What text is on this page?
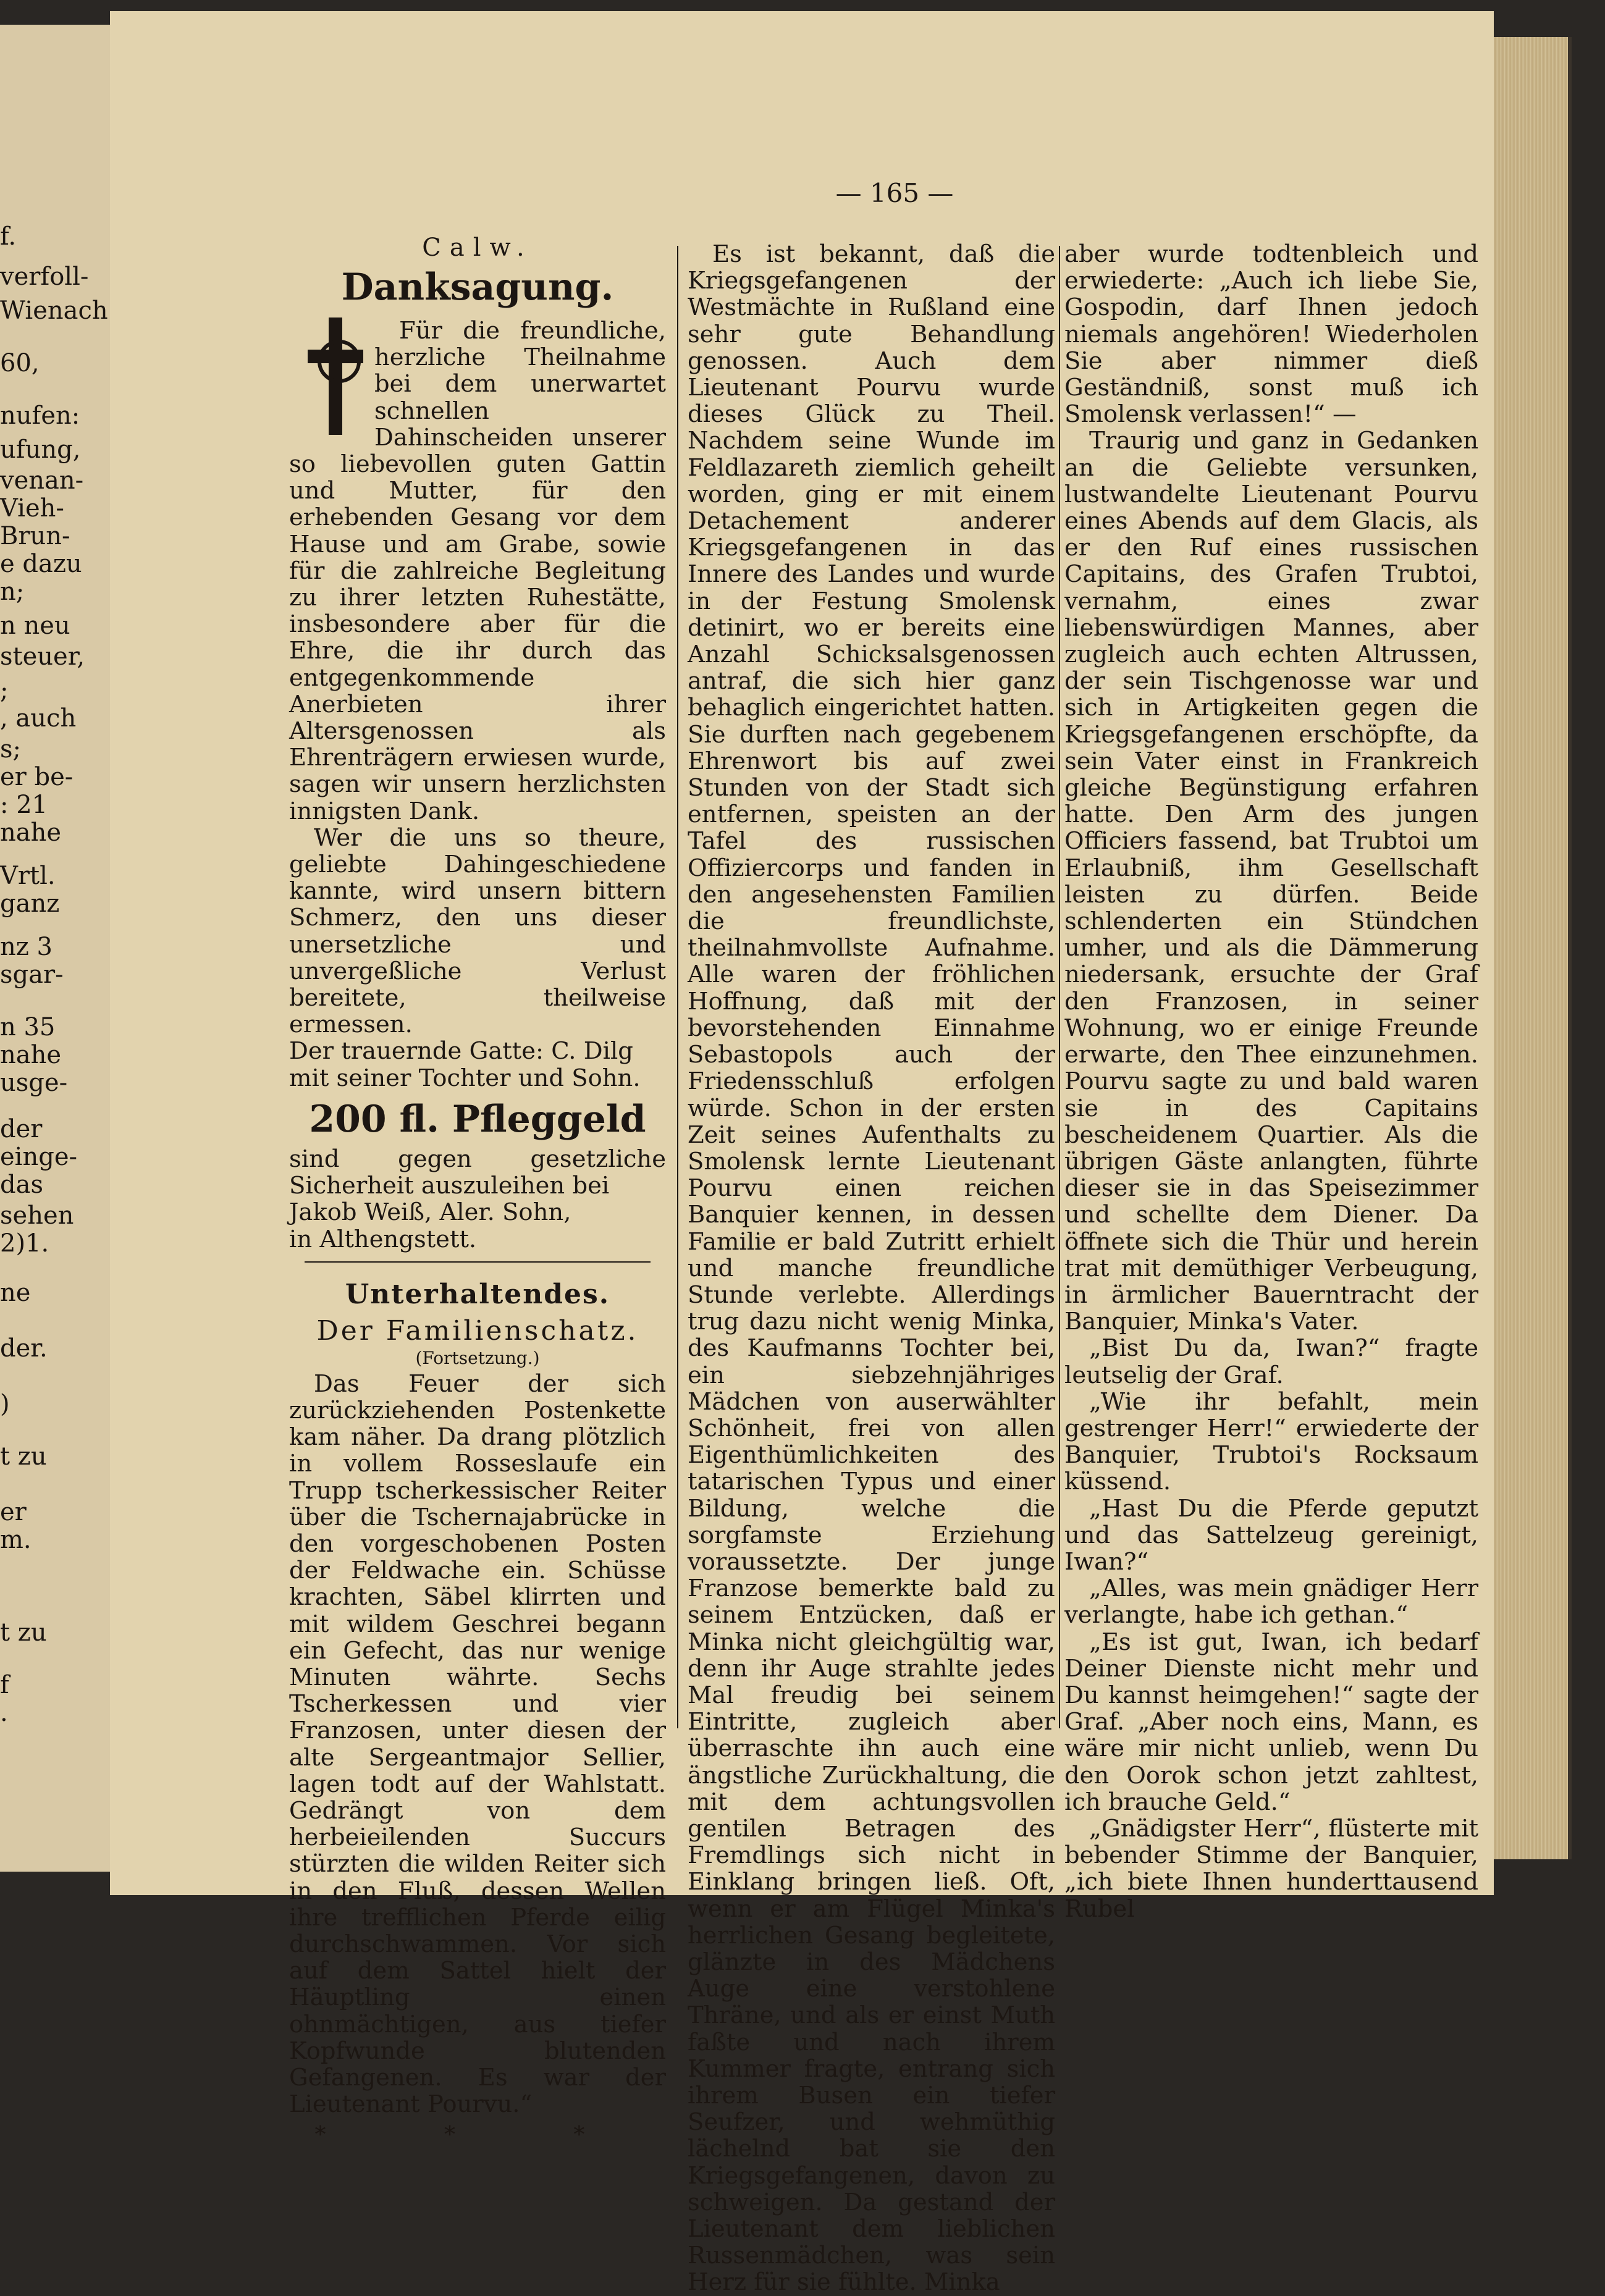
f.
verfoll-
Wienach
60,
nufen:
ufung,
venan-
Vieh-
Brun-
e dazu
n;
n neu
steuer,
;
, auch
s;
er be-
: 21
nahe
Vrtl.
ganz
nz 3
sgar-
n 35
nahe
usge-
der
einge-
das
sehen
2)1.
ne
der.
)
t zu
er
m.
t zu
f
.
— 165 —
Calw.
Danksagung.

Für die freundliche, herzliche Theilnahme bei dem unerwartet schnellen Dahinscheiden unserer so liebevollen guten Gattin und Mutter, für den erhebenden Gesang vor dem Hause und am Grabe, sowie für die zahlreiche Begleitung zu ihrer letzten Ruhestätte, insbesondere aber für die Ehre, die ihr durch das entgegenkommende Anerbieten ihrer Altersgenossen als Ehrenträgern erwiesen wurde, sagen wir unsern herzlichsten innigsten Dank.

Wer die uns so theure, geliebte Dahingeschiedene kannte, wird unsern bittern Schmerz, den uns dieser unersetzliche und unvergeßliche Verlust bereitete, theilweise ermessen.

Der trauernde Gatte: C. Dilg

mit seiner Tochter und Sohn.

200 fl. Pfleggeld

sind gegen gesetzliche Sicherheit auszuleihen bei

Jakob Weiß, Aler. Sohn,

in Althengstett.

Unterhaltendes.
Der Familienschatz.
(Fortsetzung.)

Das Feuer der sich zurückziehenden Postenkette kam näher. Da drang plötzlich in vollem Rossеslaufe ein Trupp tscherkessischer Reiter über die Tschernajabrücke in den vorgeschobenen Posten der Feldwache ein. Schüsse krachten, Säbel klirrten und mit wildem Geschrei begann ein Gefecht, das nur wenige Minuten währte. Sechs Tscherkessen und vier Franzosen, unter diesen der alte Sergeantmajor Sellier, lagen todt auf der Wahlstatt. Gedrängt von dem herbeieilenden Succurs stürzten die wilden Reiter sich in den Fluß, dessen Wellen ihre trefflichen Pferde eilig durchschwammen. Vor sich auf dem Sattel hielt der Häuptling einen ohnmächtigen, aus tiefer Kopfwunde blutenden Gefangenen. Es war der Lieutenant Pourvu.“

* * *

Es ist bekannt, daß die Kriegsgefangenen der Westmächte in Rußland eine sehr gute Behandlung genossen. Auch dem Lieutenant Pourvu wurde dieses Glück zu Theil. Nachdem seine Wunde im Feldlazareth ziemlich geheilt worden, ging er mit einem Detachement anderer Kriegsgefangenen in das Innere des Landes und wurde in der Festung Smolensk detinirt, wo er bereits eine Anzahl Schicksalsgenossen antraf, die sich hier ganz behaglich eingerichtet hatten. Sie durften nach gegebenem Ehrenwort bis auf zwei Stunden von der Stadt sich entfernen, speisten an der Tafel des russischen Offiziercorps und fanden in den angesehensten Familien die freundlichste, theilnahmvollste Aufnahme. Alle waren der fröhlichen Hoffnung, daß mit der bevorstehenden Einnahme Sebastopols auch der Friedensschluß erfolgen würde. Schon in der ersten Zeit seines Aufenthalts zu Smolensk lernte Lieutenant Pourvu einen reichen Banquier kennen, in dessen Familie er bald Zutritt erhielt und manche freundliche Stunde verlebte. Allerdings trug dazu nicht wenig Minka, des Kaufmanns Tochter bei, ein siebzehnjähriges Mädchen von auserwählter Schönheit, frei von allen Eigenthümlichkeiten des tatarischen Typus und einer Bildung, welche die sorgfamste Erziehung voraussetzte. Der junge Franzose bemerkte bald zu seinem Entzücken, daß er Minka nicht gleichgültig war, denn ihr Auge strahlte jedes Mal freudig bei seinem Eintritte, zugleich aber überraschte ihn auch eine ängstliche Zurückhaltung, die mit dem achtungsvollen gentilen Betragen des Fremdlings sich nicht in Einklang bringen ließ. Oft, wenn er am Flügel Minka's herrlichen Gesang begleitete, glänzte in des Mädchens Auge eine verstohlene Thräne, und als er einst Muth faßte und nach ihrem Kummer fragte, entrang sich ihrem Busen ein tiefer Seufzer, und wehmüthig lächelnd bat sie den Kriegsgefangenen, davon zu schweigen. Da gestand der Lieutenant dem lieblichen Russenmädchen, was sein Herz für sie fühlte. Minka

aber wurde todtenbleich und erwiederte: „Auch ich liebe Sie, Gospodin, darf Ihnen jedoch niemals angehören! Wiederholen Sie aber nimmer dieß Geständniß, sonst muß ich Smolensk verlassen!“ —

Traurig und ganz in Gedanken an die Geliebte versunken, lustwandelte Lieutenant Pourvu eines Abends auf dem Glacis, als er den Ruf eines russischen Capitains, des Grafen Trubtoi, vernahm, eines zwar liebenswürdigen Mannes, aber zugleich auch echten Altrussen, der sein Tischgenosse war und sich in Artigkeiten gegen die Kriegsgefangenen erschöpfte, da sein Vater einst in Frankreich gleiche Begünstigung erfahren hatte. Den Arm des jungen Officiers fassend, bat Trubtoi um Erlaubniß, ihm Gesellschaft leisten zu dürfen. Beide schlenderten ein Stündchen umher, und als die Dämmerung niedersank, ersuchte der Graf den Franzosen, in seiner Wohnung, wo er einige Freunde erwarte, den Thee einzunehmen. Pourvu sagte zu und bald waren sie in des Capitains bescheidenem Quartier. Als die übrigen Gäste anlangten, führte dieser sie in das Speisezimmer und schellte dem Diener. Da öffnete sich die Thür und herein trat mit demüthiger Verbeugung, in ärmlicher Bauerntracht der Banquier, Minka's Vater.

„Bist Du da, Iwan?“ fragte leutselig der Graf.

„Wie ihr befahlt, mein gestrenger Herr!“ erwiederte der Banquier, Trubtoi's Rocksaum küssend.

„Hast Du die Pferde geputzt und das Sattelzeug gereinigt, Iwan?“

„Alles, was mein gnädiger Herr verlangte, habe ich gethan.“

„Es ist gut, Iwan, ich bedarf Deiner Dienste nicht mehr und Du kannst heimgehen!“ sagte der Graf. „Aber noch eins, Mann, es wäre mir nicht unlieb, wenn Du den Oorok schon jetzt zahltest, ich brauche Geld.“

„Gnädigster Herr“, flüsterte mit bebender Stimme der Banquier, „ich biete Ihnen hunderttausend Rubel
